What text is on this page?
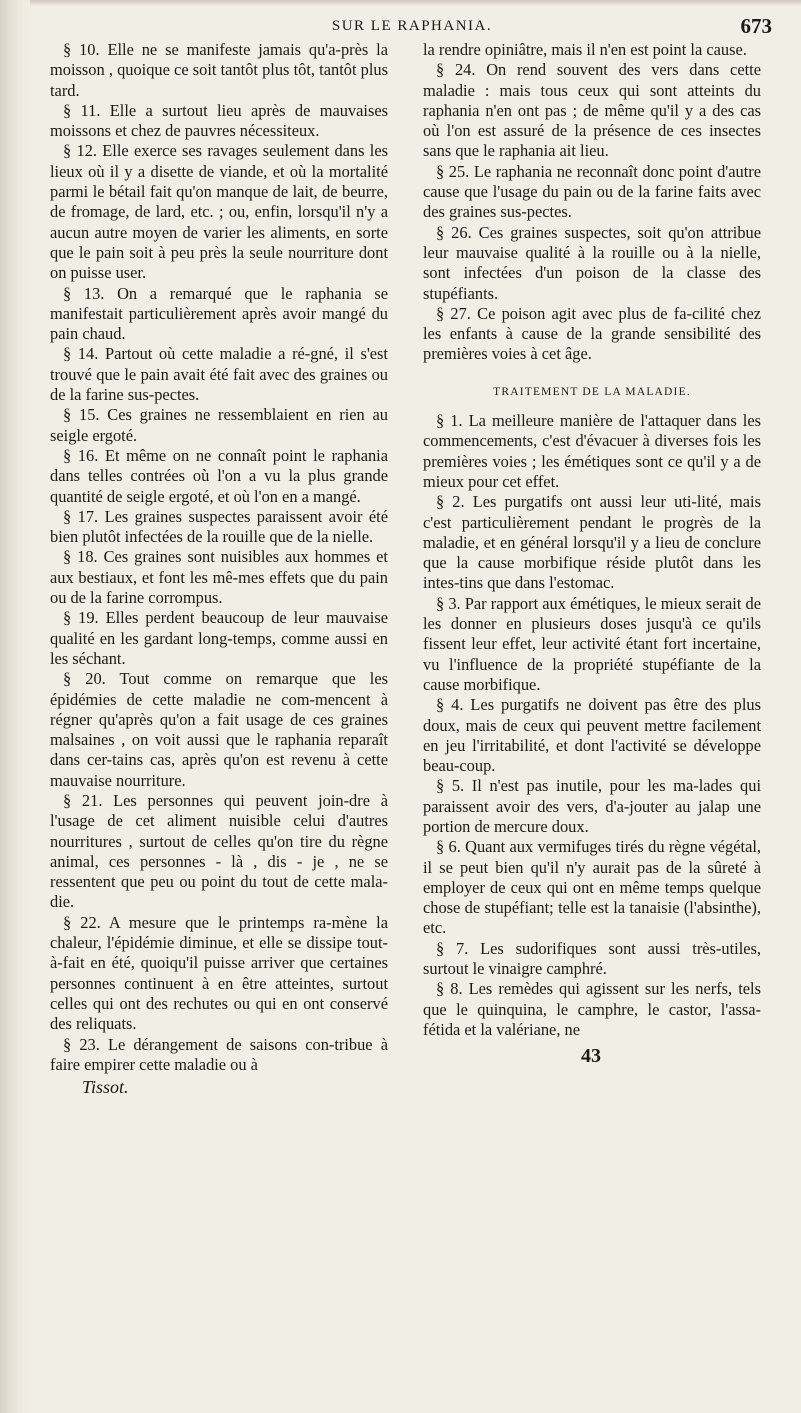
SUR LE RAPHANIA.	673

§ 10. Elle ne se manifeste jamais qu'a-près la moisson , quoique ce soit tantôt plus tôt, tantôt plus tard.

§ 11. Elle a surtout lieu après de mauvaises moissons et chez de pauvres nécessiteux.

§ 12. Elle exerce ses ravages seulement dans les lieux où il y a disette de viande, et où la mortalité parmi le bétail fait qu'on manque de lait, de beurre, de fromage, de lard, etc. ; ou, enfin, lorsqu'il n'y a aucun autre moyen de varier les aliments, en sorte que le pain soit à peu près la seule nourriture dont on puisse user.

§ 13. On a remarqué que le raphania se manifestait particulièrement après avoir mangé du pain chaud.

§ 14. Partout où cette maladie a ré-gné, il s'est trouvé que le pain avait été fait avec des graines ou de la farine sus-pectes.

§ 15. Ces graines ne ressemblaient en rien au seigle ergoté.

§ 16. Et même on ne connaît point le raphania dans telles contrées où l'on a vu la plus grande quantité de seigle ergoté, et où l'on en a mangé.

§ 17. Les graines suspectes paraissent avoir été bien plutôt infectées de la rouille que de la nielle.

§ 18. Ces graines sont nuisibles aux hommes et aux bestiaux, et font les mê-mes effets que du pain ou de la farine corrompus.

§ 19. Elles perdent beaucoup de leur mauvaise qualité en les gardant long-temps, comme aussi en les séchant.

§ 20. Tout comme on remarque que les épidémies de cette maladie ne com-mencent à régner qu'après qu'on a fait usage de ces graines malsaines , on voit aussi que le raphania reparaît dans cer-tains cas, après qu'on est revenu à cette mauvaise nourriture.

§ 21. Les personnes qui peuvent join-dre à l'usage de cet aliment nuisible celui d'autres nourritures , surtout de celles qu'on tire du règne animal, ces personnes - là , dis - je , ne se ressentent que peu ou point du tout de cette mala-die.

§ 22. A mesure que le printemps ra-mène la chaleur, l'épidémie diminue, et elle se dissipe tout-à-fait en été, quoiqu'il puisse arriver que certaines personnes continuent à en être atteintes, surtout celles qui ont des rechutes ou qui en ont conservé des reliquats.

§ 23. Le dérangement de saisons con-tribue à faire empirer cette maladie ou à

Tissot.

la rendre opiniâtre, mais il n'en est point la cause.

§ 24. On rend souvent des vers dans cette maladie : mais tous ceux qui sont atteints du raphania n'en ont pas ; de même qu'il y a des cas où l'on est assuré de la présence de ces insectes sans que le raphania ait lieu.

§ 25. Le raphania ne reconnaît donc point d'autre cause que l'usage du pain ou de la farine faits avec des graines sus-pectes.

§ 26. Ces graines suspectes, soit qu'on attribue leur mauvaise qualité à la rouille ou à la nielle, sont infectées d'un poison de la classe des stupéfiants.

§ 27. Ce poison agit avec plus de fa-cilité chez les enfants à cause de la grande sensibilité des premières voies à cet âge.

TRAITEMENT DE LA MALADIE.

§ 1. La meilleure manière de l'attaquer dans les commencements, c'est d'évacuer à diverses fois les premières voies ; les émétiques sont ce qu'il y a de mieux pour cet effet.

§ 2. Les purgatifs ont aussi leur uti-lité, mais c'est particulièrement pendant le progrès de la maladie, et en général lorsqu'il y a lieu de conclure que la cause morbifique réside plutôt dans les intes-tins que dans l'estomac.

§ 3. Par rapport aux émétiques, le mieux serait de les donner en plusieurs doses jusqu'à ce qu'ils fissent leur effet, leur activité étant fort incertaine, vu l'influence de la propriété stupéfiante de la cause morbifique.

§ 4. Les purgatifs ne doivent pas être des plus doux, mais de ceux qui peuvent mettre facilement en jeu l'irritabilité, et dont l'activité se développe beau-coup.

§ 5. Il n'est pas inutile, pour les ma-lades qui paraissent avoir des vers, d'a-jouter au jalap une portion de mercure doux.

§ 6. Quant aux vermifuges tirés du règne végétal, il se peut bien qu'il n'y aurait pas de la sûreté à employer de ceux qui ont en même temps quelque chose de stupéfiant; telle est la tanaisie (l'absinthe), etc.

§ 7. Les sudorifiques sont aussi très-utiles, surtout le vinaigre camphré.

§ 8. Les remèdes qui agissent sur les nerfs, tels que le quinquina, le camphre, le castor, l'assa-fétida et la valériane, ne

43
